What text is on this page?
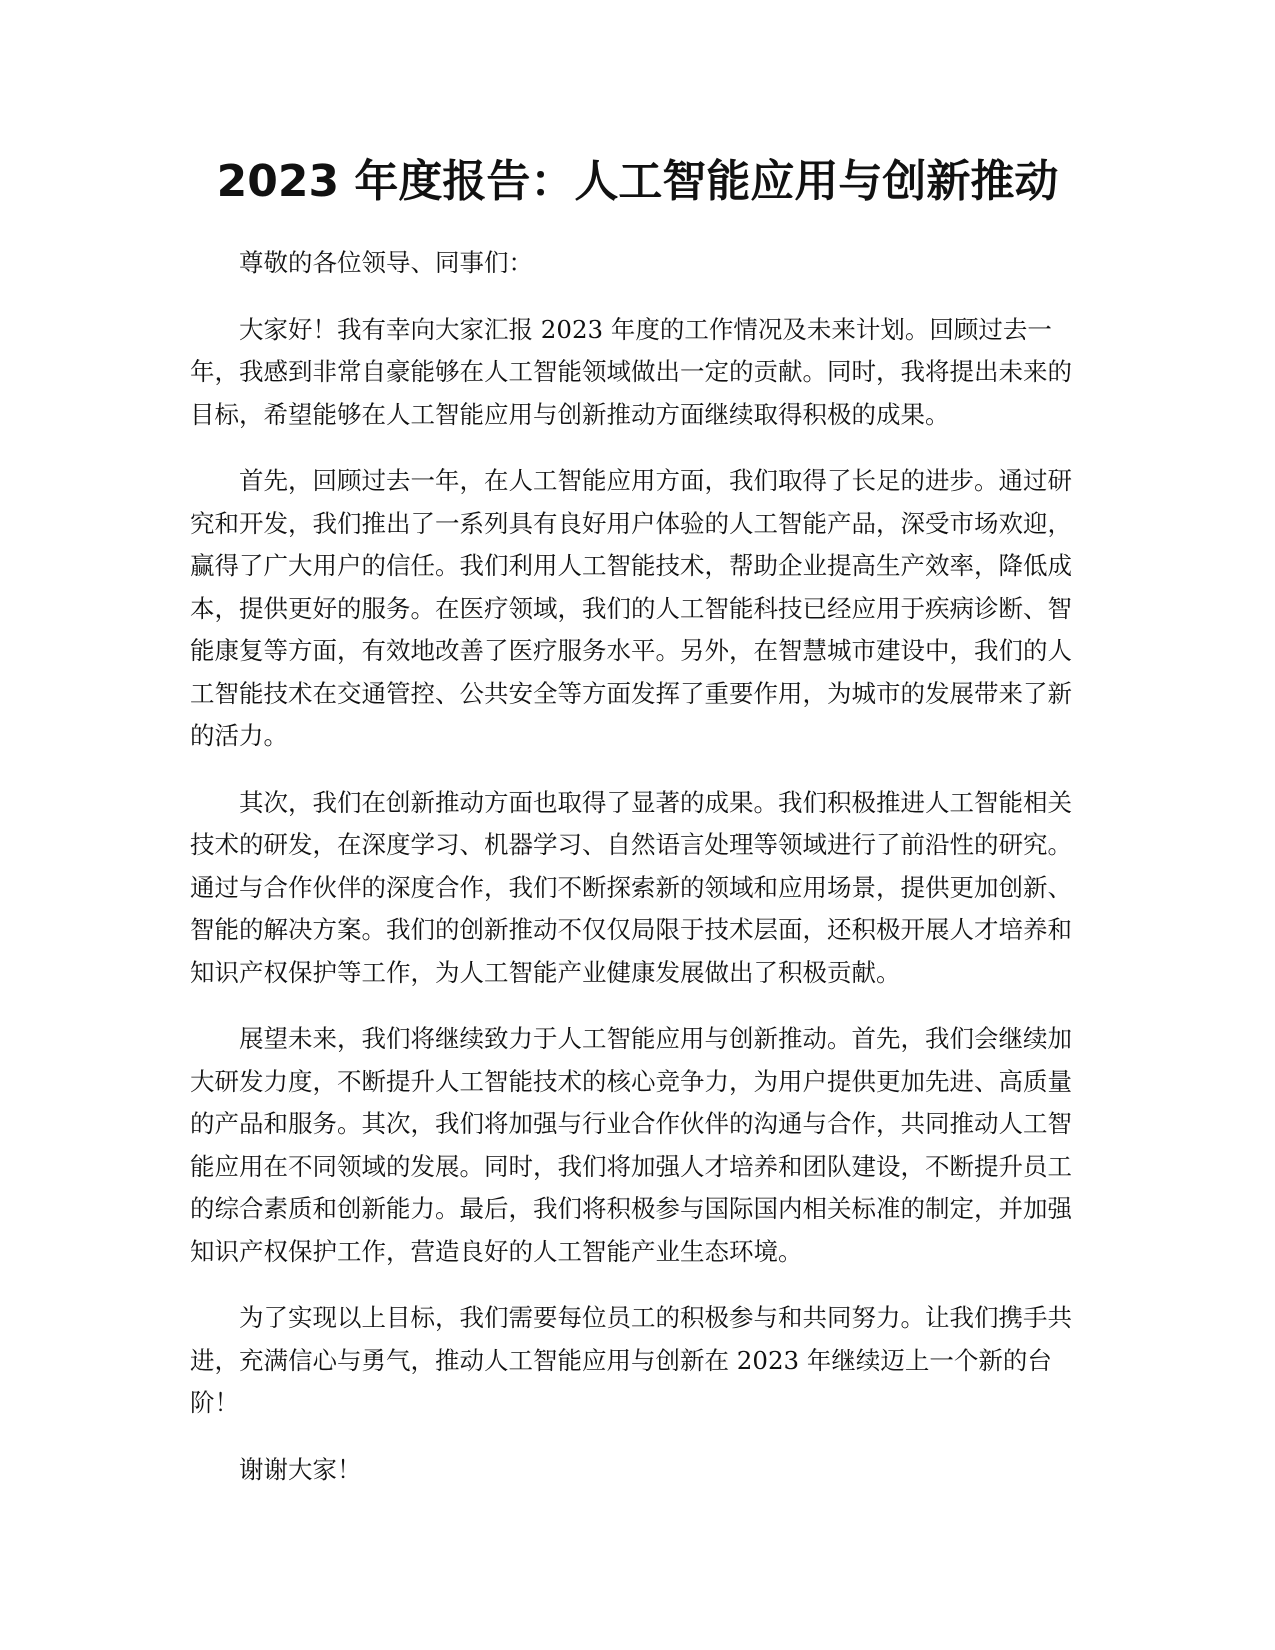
2023 年度报告：人工智能应用与创新推动

尊敬的各位领导、同事们：

大家好！我有幸向大家汇报 2023 年度的工作情况及未来计划。回顾过去一年，我感到非常自豪能够在人工智能领域做出一定的贡献。同时，我将提出未来的目标，希望能够在人工智能应用与创新推动方面继续取得积极的成果。

首先，回顾过去一年，在人工智能应用方面，我们取得了长足的进步。通过研究和开发，我们推出了一系列具有良好用户体验的人工智能产品，深受市场欢迎，赢得了广大用户的信任。我们利用人工智能技术，帮助企业提高生产效率，降低成本，提供更好的服务。在医疗领域，我们的人工智能科技已经应用于疾病诊断、智能康复等方面，有效地改善了医疗服务水平。另外，在智慧城市建设中，我们的人工智能技术在交通管控、公共安全等方面发挥了重要作用，为城市的发展带来了新的活力。

其次，我们在创新推动方面也取得了显著的成果。我们积极推进人工智能相关技术的研发，在深度学习、机器学习、自然语言处理等领域进行了前沿性的研究。通过与合作伙伴的深度合作，我们不断探索新的领域和应用场景，提供更加创新、智能的解决方案。我们的创新推动不仅仅局限于技术层面，还积极开展人才培养和知识产权保护等工作，为人工智能产业健康发展做出了积极贡献。

展望未来，我们将继续致力于人工智能应用与创新推动。首先，我们会继续加大研发力度，不断提升人工智能技术的核心竞争力，为用户提供更加先进、高质量的产品和服务。其次，我们将加强与行业合作伙伴的沟通与合作，共同推动人工智能应用在不同领域的发展。同时，我们将加强人才培养和团队建设，不断提升员工的综合素质和创新能力。最后，我们将积极参与国际国内相关标准的制定，并加强知识产权保护工作，营造良好的人工智能产业生态环境。

为了实现以上目标，我们需要每位员工的积极参与和共同努力。让我们携手共进，充满信心与勇气，推动人工智能应用与创新在 2023 年继续迈上一个新的台阶！

谢谢大家！
